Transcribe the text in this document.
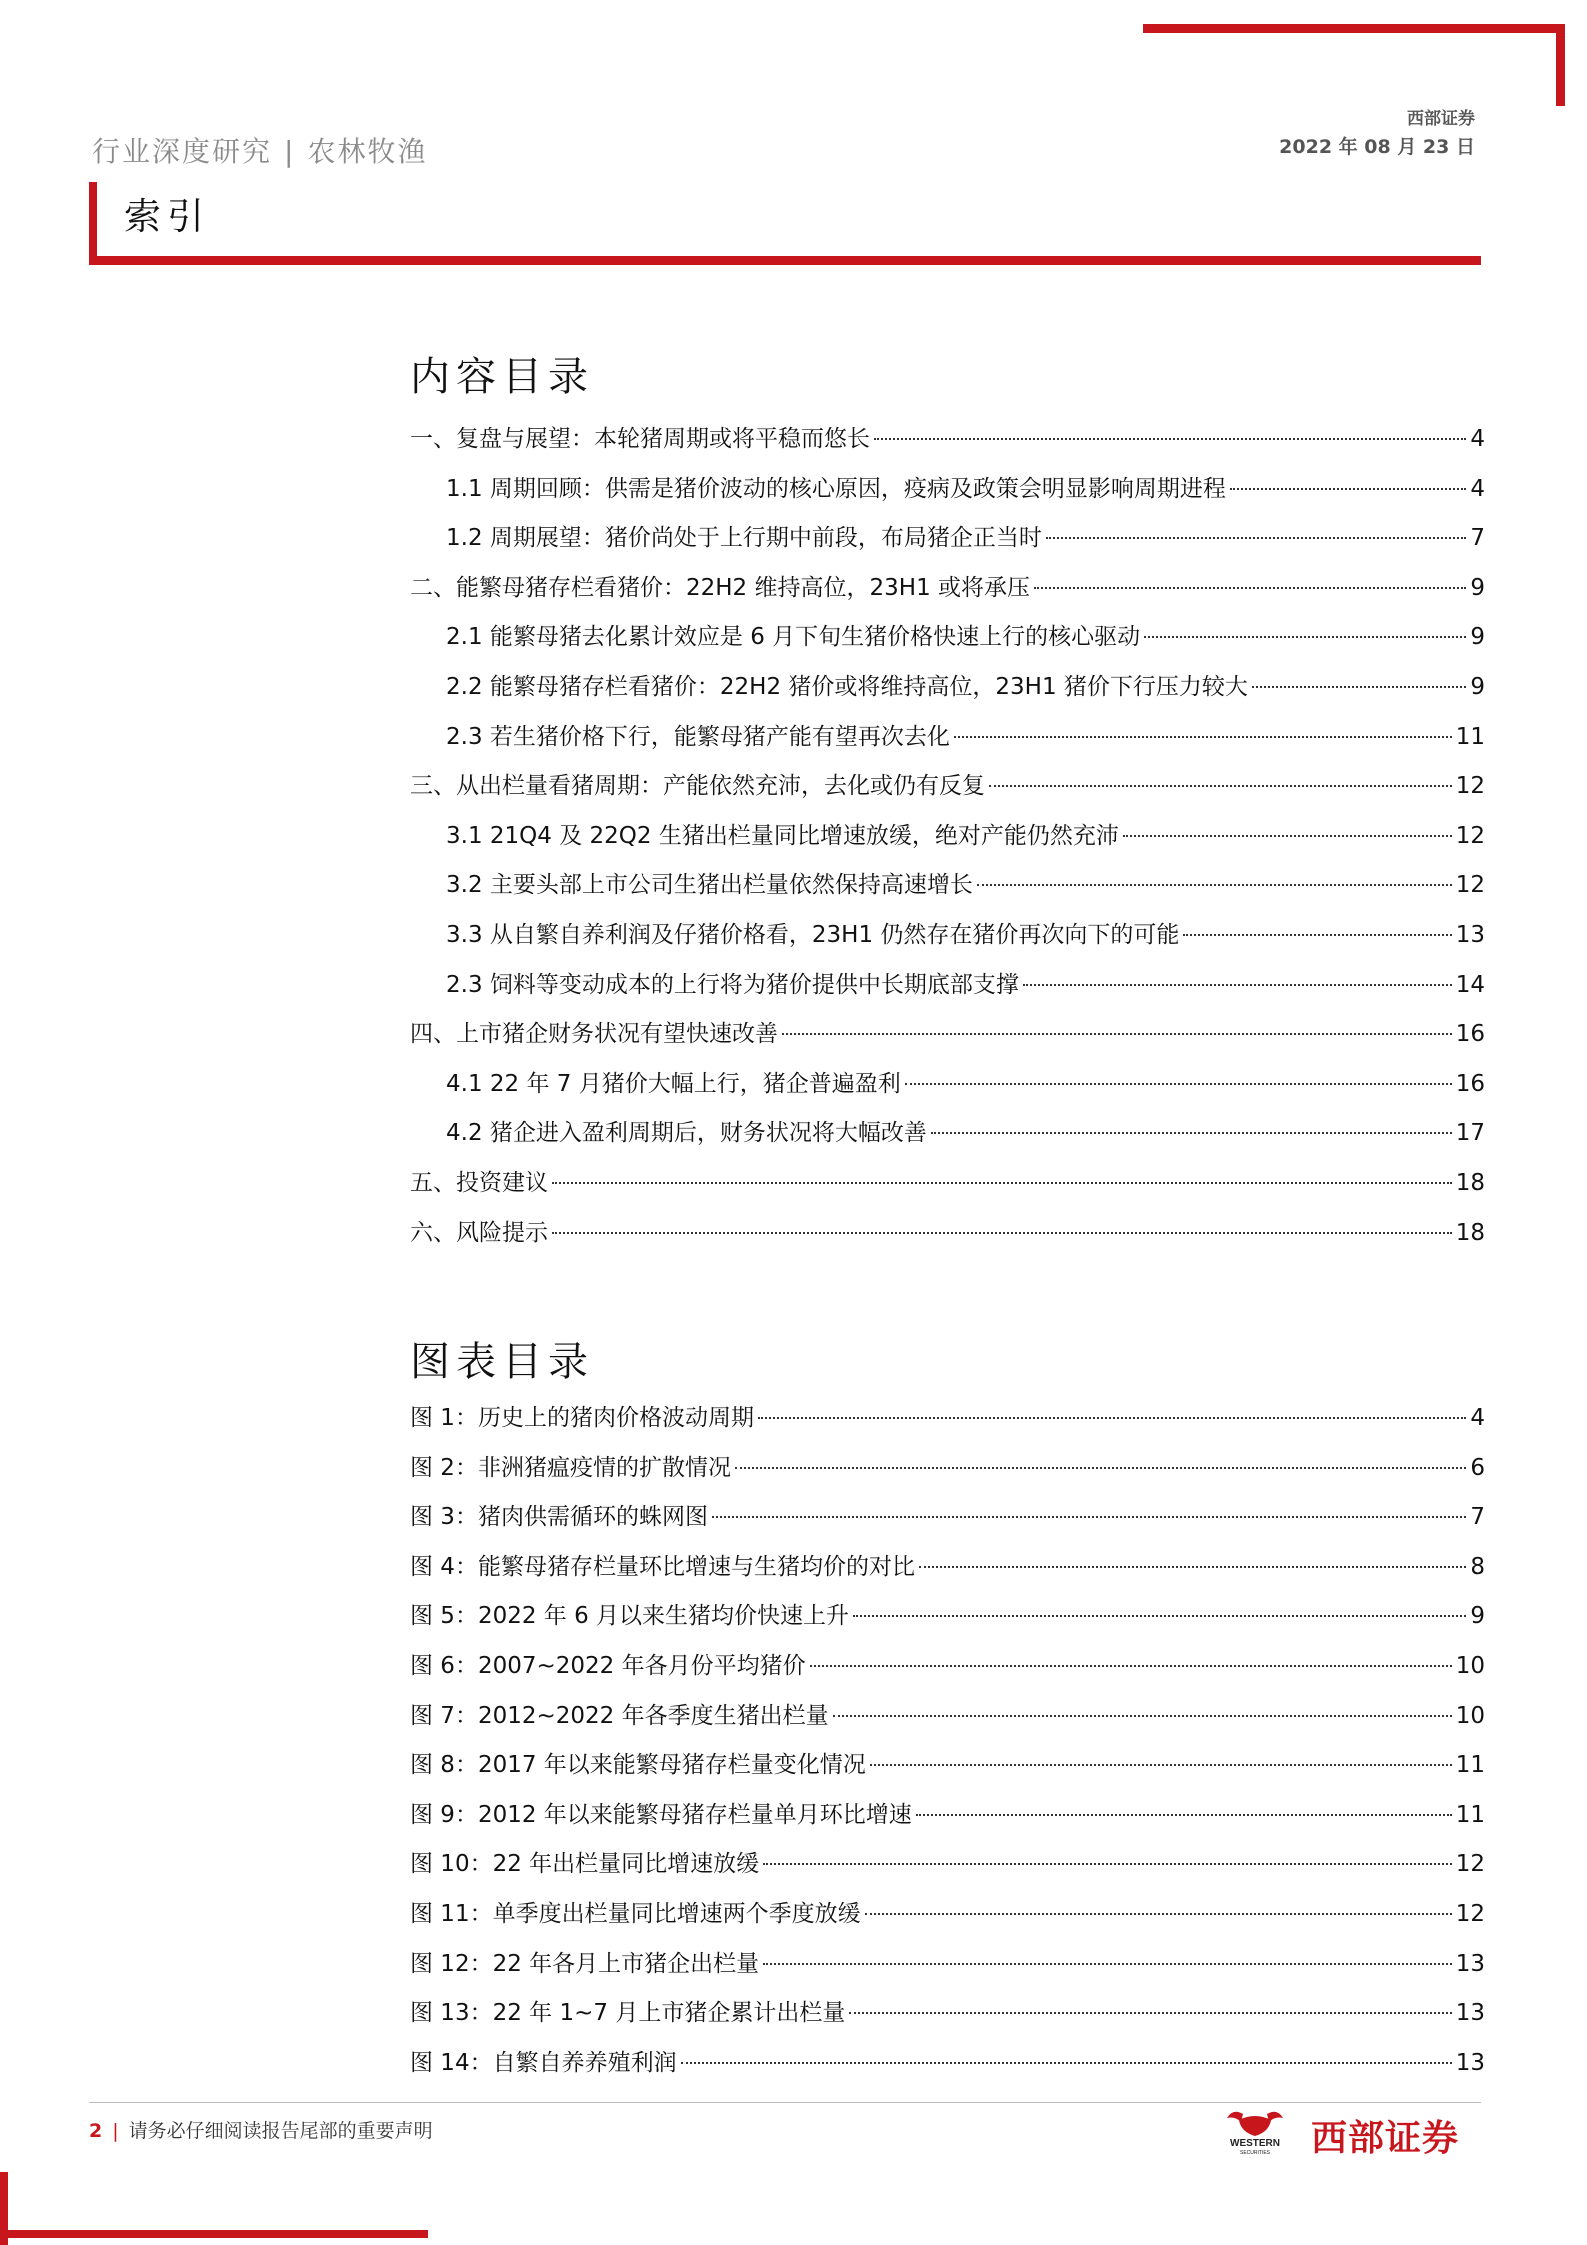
行业深度研究 | 农林牧渔
西部证券
2022 年 08 月 23 日
索引
内容目录
一、复盘与展望：本轮猪周期或将平稳而悠长	4
1.1 周期回顾：供需是猪价波动的核心原因，疫病及政策会明显影响周期进程	4
1.2 周期展望：猪价尚处于上行期中前段，布局猪企正当时	7
二、能繁母猪存栏看猪价：22H2 维持高位，23H1 或将承压	9
2.1 能繁母猪去化累计效应是 6 月下旬生猪价格快速上行的核心驱动	9
2.2 能繁母猪存栏看猪价：22H2 猪价或将维持高位，23H1 猪价下行压力较大	9
2.3 若生猪价格下行，能繁母猪产能有望再次去化	11
三、从出栏量看猪周期：产能依然充沛，去化或仍有反复	12
3.1 21Q4 及 22Q2 生猪出栏量同比增速放缓，绝对产能仍然充沛	12
3.2 主要头部上市公司生猪出栏量依然保持高速增长	12
3.3 从自繁自养利润及仔猪价格看，23H1 仍然存在猪价再次向下的可能	13
2.3 饲料等变动成本的上行将为猪价提供中长期底部支撑	14
四、上市猪企财务状况有望快速改善	16
4.1 22 年 7 月猪价大幅上行，猪企普遍盈利	16
4.2 猪企进入盈利周期后，财务状况将大幅改善	17
五、投资建议	18
六、风险提示	18
图表目录
图 1：历史上的猪肉价格波动周期	4
图 2：非洲猪瘟疫情的扩散情况	6
图 3：猪肉供需循环的蛛网图	7
图 4：能繁母猪存栏量环比增速与生猪均价的对比	8
图 5：2022 年 6 月以来生猪均价快速上升	9
图 6：2007~2022 年各月份平均猪价	10
图 7：2012~2022 年各季度生猪出栏量	10
图 8：2017 年以来能繁母猪存栏量变化情况	11
图 9：2012 年以来能繁母猪存栏量单月环比增速	11
图 10：22 年出栏量同比增速放缓	12
图 11：单季度出栏量同比增速两个季度放缓	12
图 12：22 年各月上市猪企出栏量	13
图 13：22 年 1~7 月上市猪企累计出栏量	13
图 14：自繁自养养殖利润	13
2 | 请务必仔细阅读报告尾部的重要声明
WESTERN
SECURITIES 西部证券
